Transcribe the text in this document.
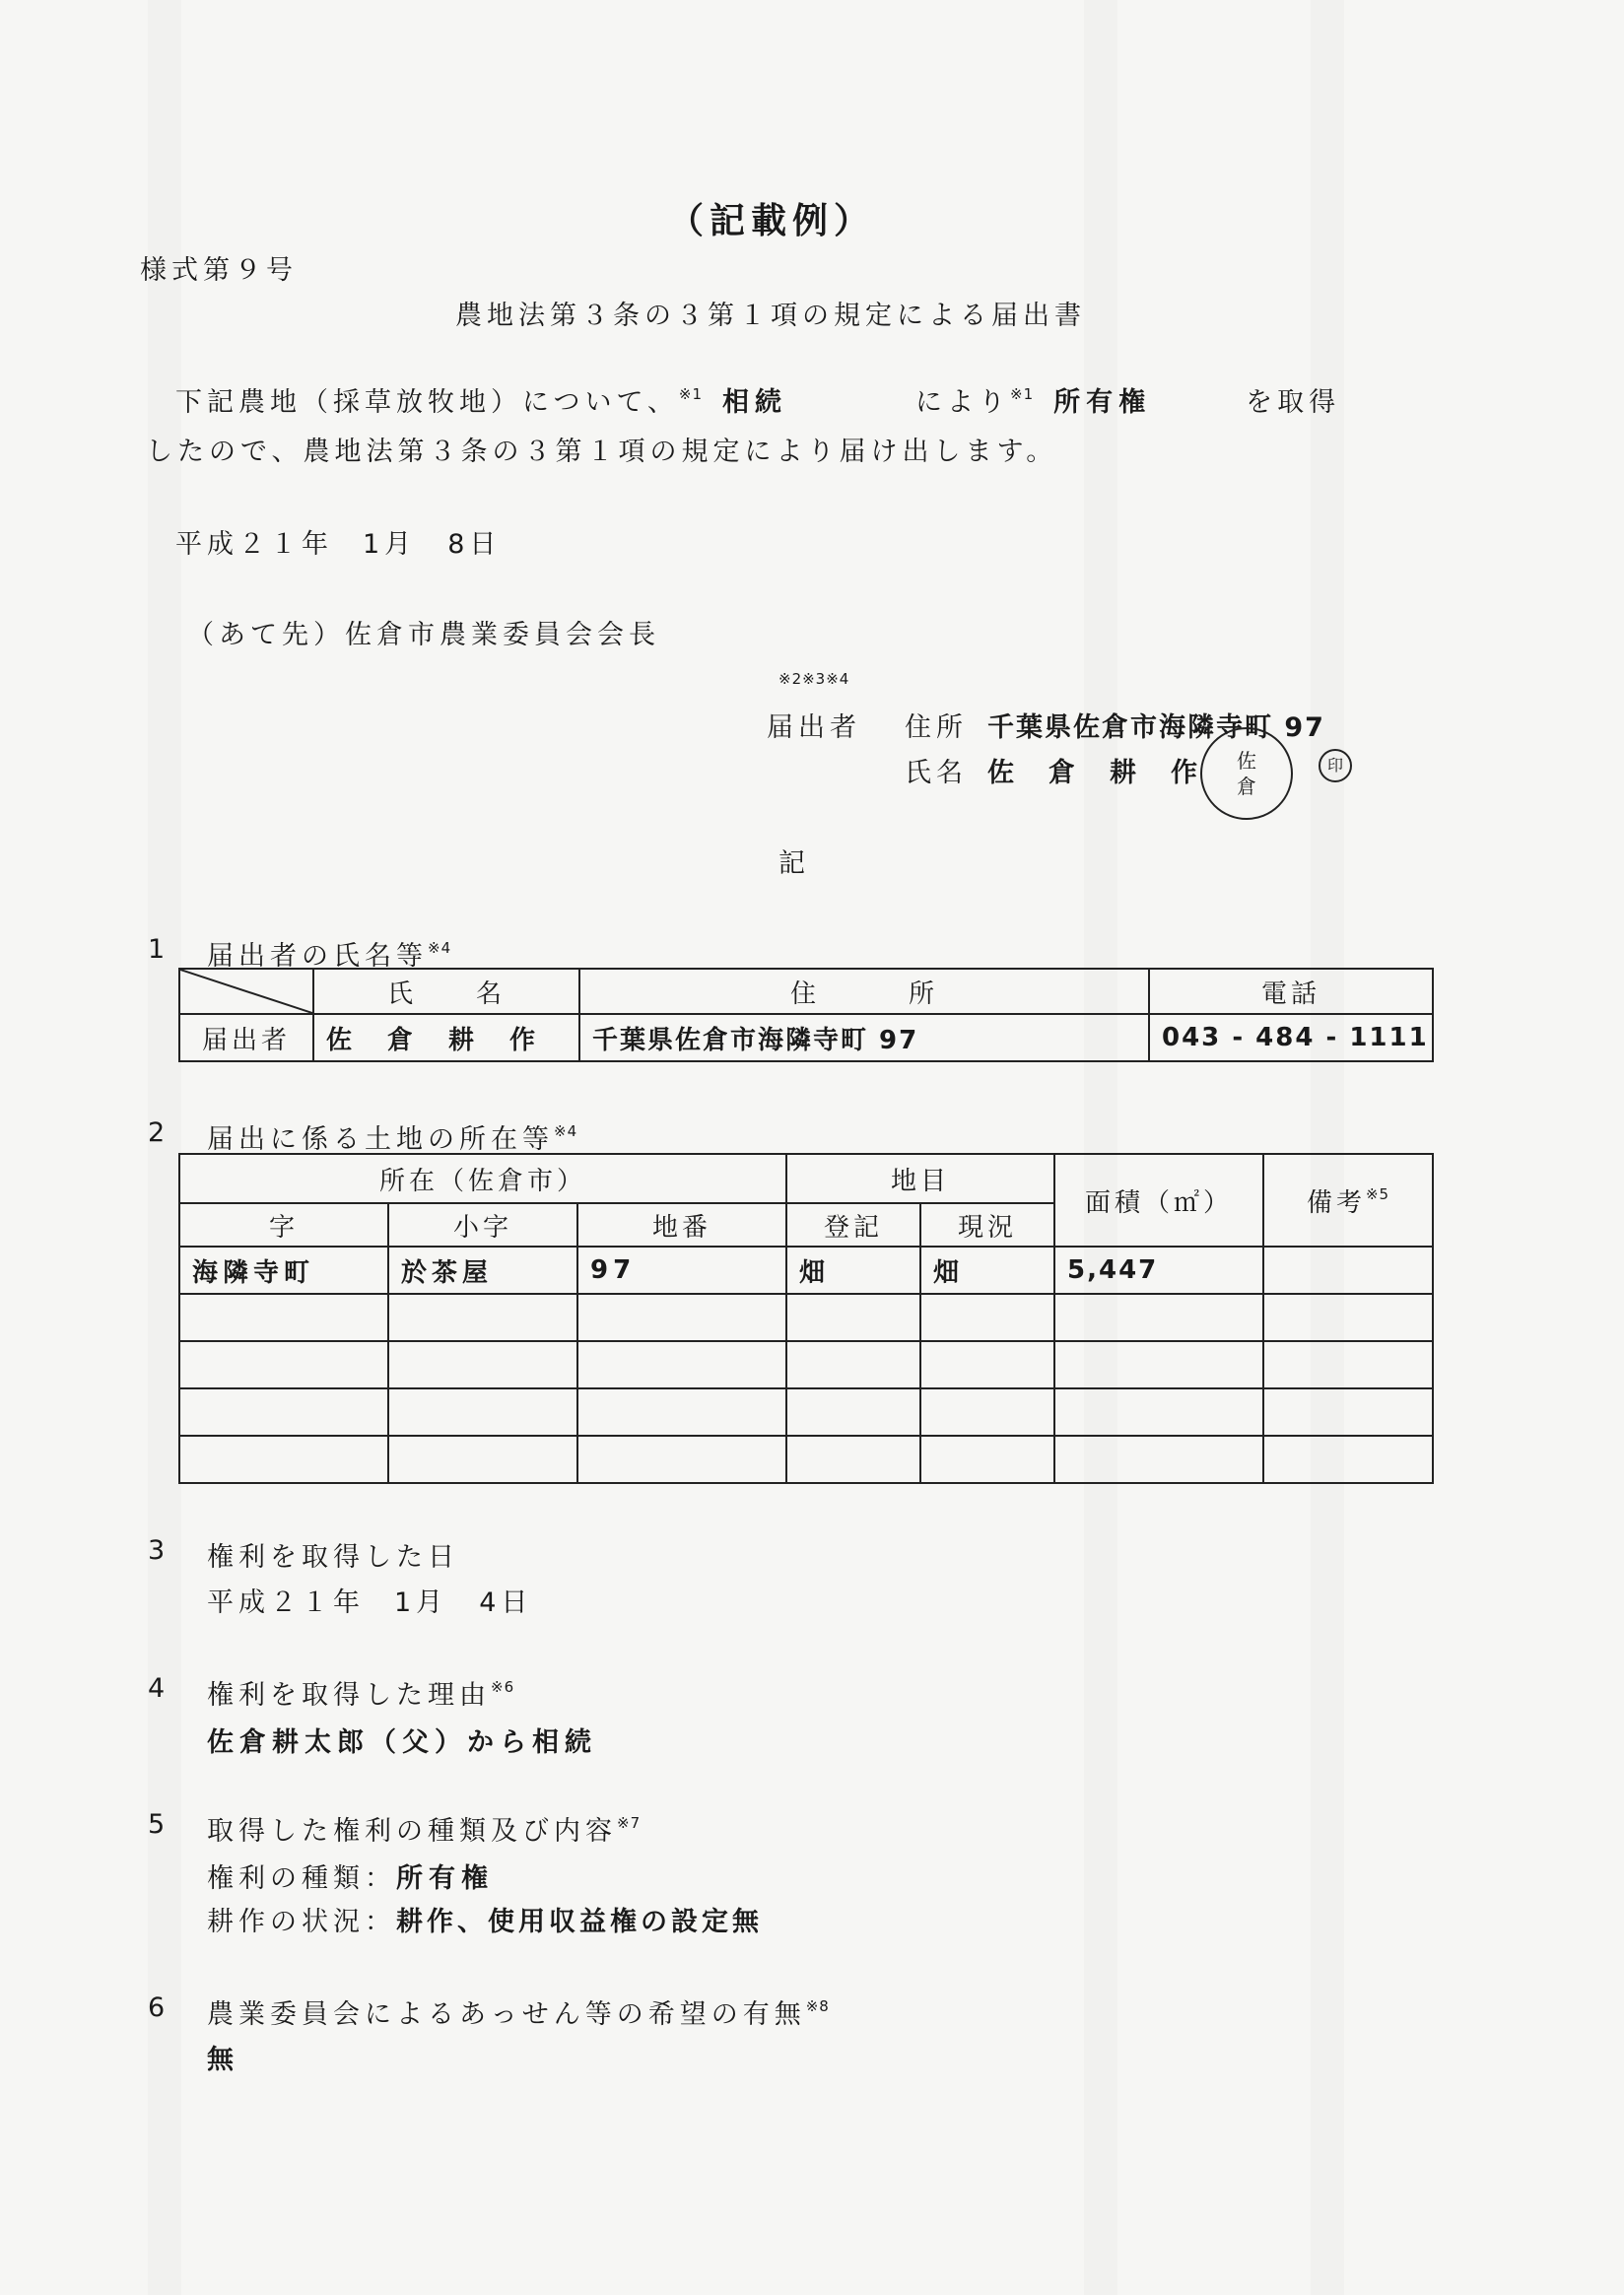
（記載例）
様式第９号
農地法第３条の３第１項の規定による届出書
下記農地（採草放牧地）について、$^{※1}$ 相続	により$^{※1}$ 所有権	を取得
したので、農地法第３条の３第１項の規定により届け出します。
平成２１年 1月 8日
（あて先）佐倉市農業委員会会長
※2※3※4
届出者 住所 千葉県佐倉市海隣寺町 97
氏名 佐　倉　耕　作 佐
倉
印
記
1 届出者の氏名等$^{※4}$
	氏　　名	住　　　所	電話
届出者	佐　倉　耕　作	千葉県佐倉市海隣寺町 97	043 - 484 - 1111
2 届出に係る土地の所在等$^{※4}$
所在（佐倉市）			地目		面積（㎡）	備考$^{※5}$
字	小字	地番	登記	現況		
海隣寺町	於茶屋	97	畑	畑	5,447	

3 権利を取得した日
平成２１年 1月 4日
4 権利を取得した理由$^{※6}$
佐倉耕太郎（父）から相続
5 取得した権利の種類及び内容$^{※7}$
権利の種類：所有権
耕作の状況：耕作、使用収益権の設定無
6 農業委員会によるあっせん等の希望の有無$^{※8}$
無
